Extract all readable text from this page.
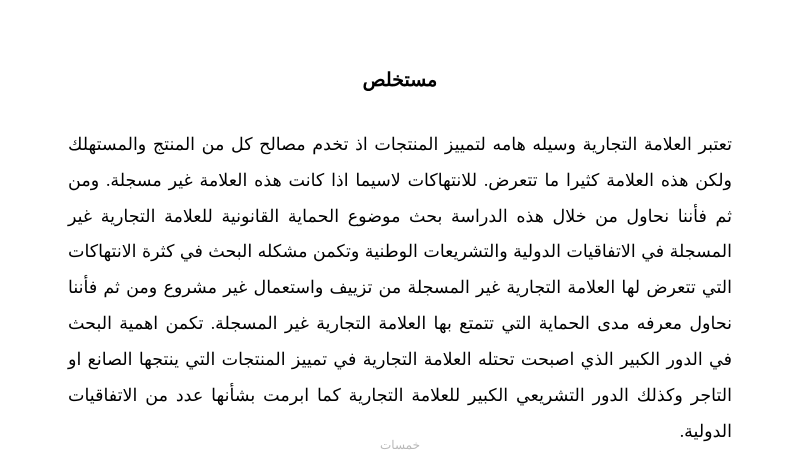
مستخلص

تعتبر العلامة التجارية وسيله هامه لتمييز المنتجات اذ تخدم مصالح كل من المنتج والمستهلك ولكن هذه العلامة كثيرا ما تتعرض. للانتهاكات لاسيما اذا كانت هذه العلامة غير مسجلة. ومن ثم فأننا نحاول من خلال هذه الدراسة بحث موضوع الحماية القانونية للعلامة التجارية غير المسجلة في الاتفاقيات الدولية والتشريعات الوطنية وتكمن مشكله البحث في كثرة الانتهاكات التي تتعرض لها العلامة التجارية غير المسجلة من تزييف واستعمال غير مشروع ومن ثم فأننا نحاول معرفه مدى الحماية التي تتمتع بها العلامة التجارية غير المسجلة. تكمن اهمية البحث في الدور الكبير الذي اصبحت تحتله العلامة التجارية في تمييز المنتجات التي ينتجها الصانع او التاجر وكذلك الدور التشريعي الكبير للعلامة التجارية كما ابرمت بشأنها عدد من الاتفاقيات الدولية.

خمسات
